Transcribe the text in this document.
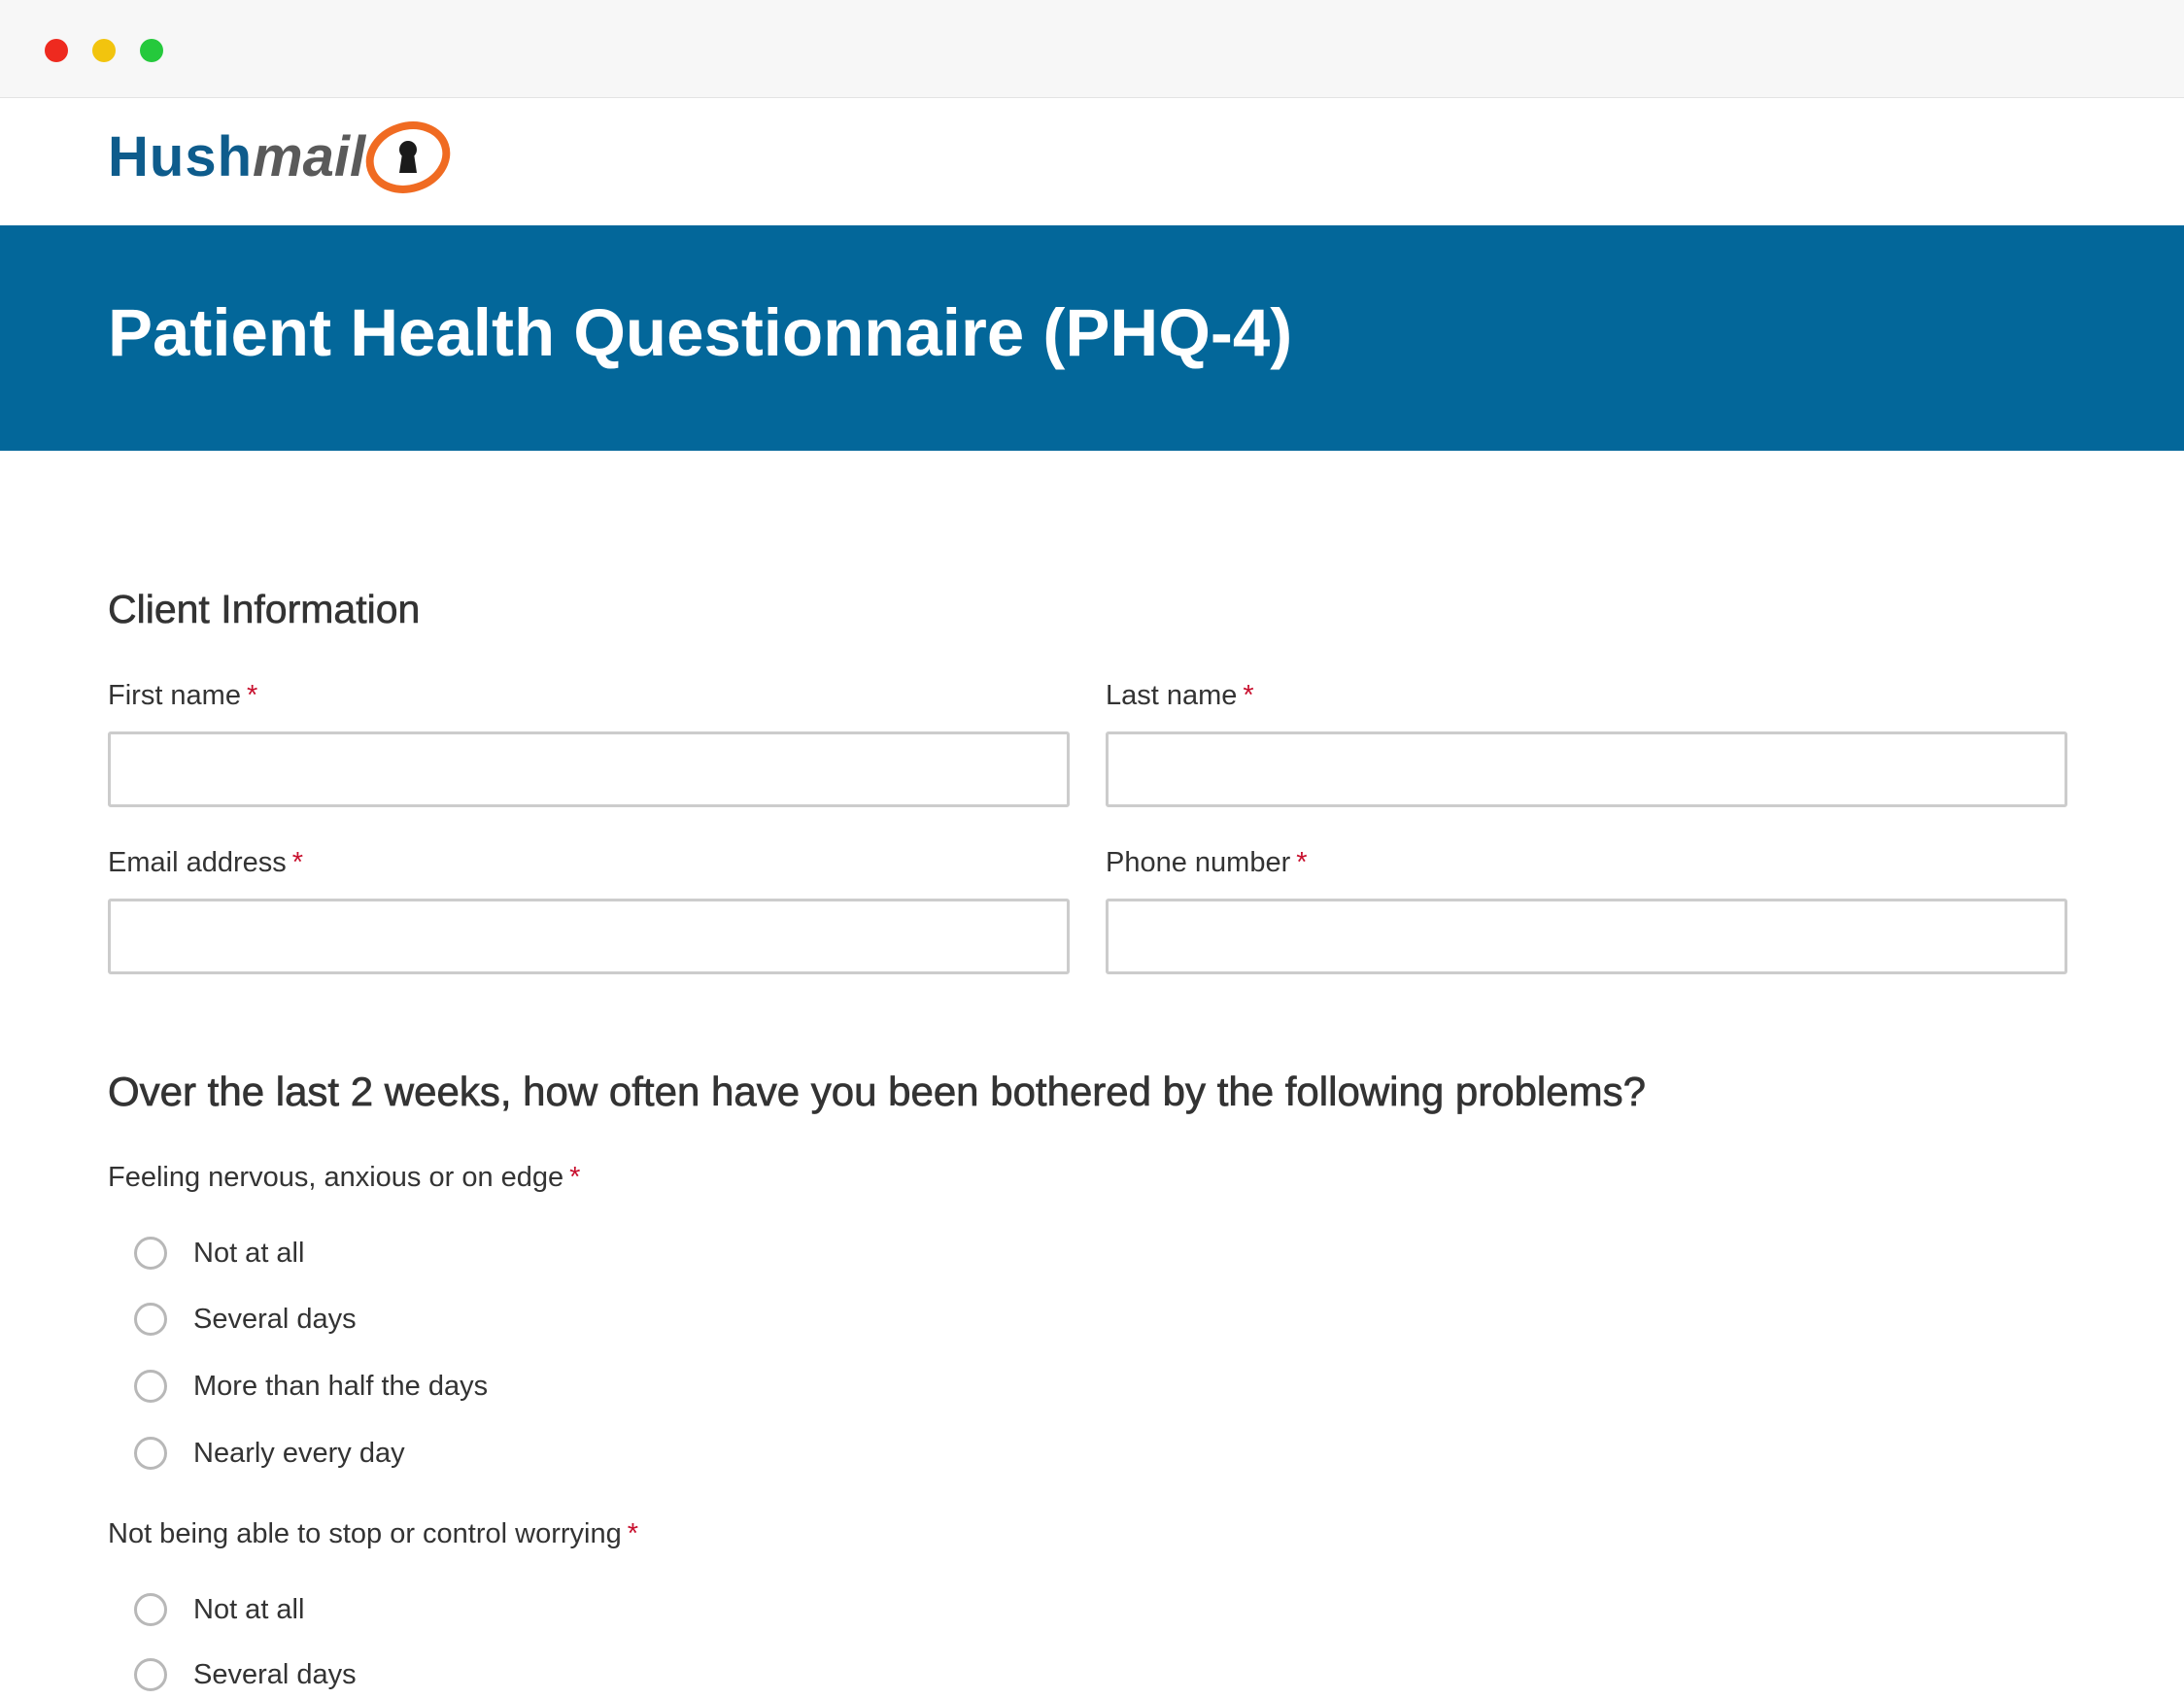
Hush mail
Patient Health Questionnaire (PHQ-4)
Client Information
First name *	Last name *
Email address *	Phone number *
Over the last 2 weeks, how often have you been bothered by the following problems?
Feeling nervous, anxious or on edge *
Not at all
Several days
More than half the days
Nearly every day
Not being able to stop or control worrying *
Not at all
Several days
